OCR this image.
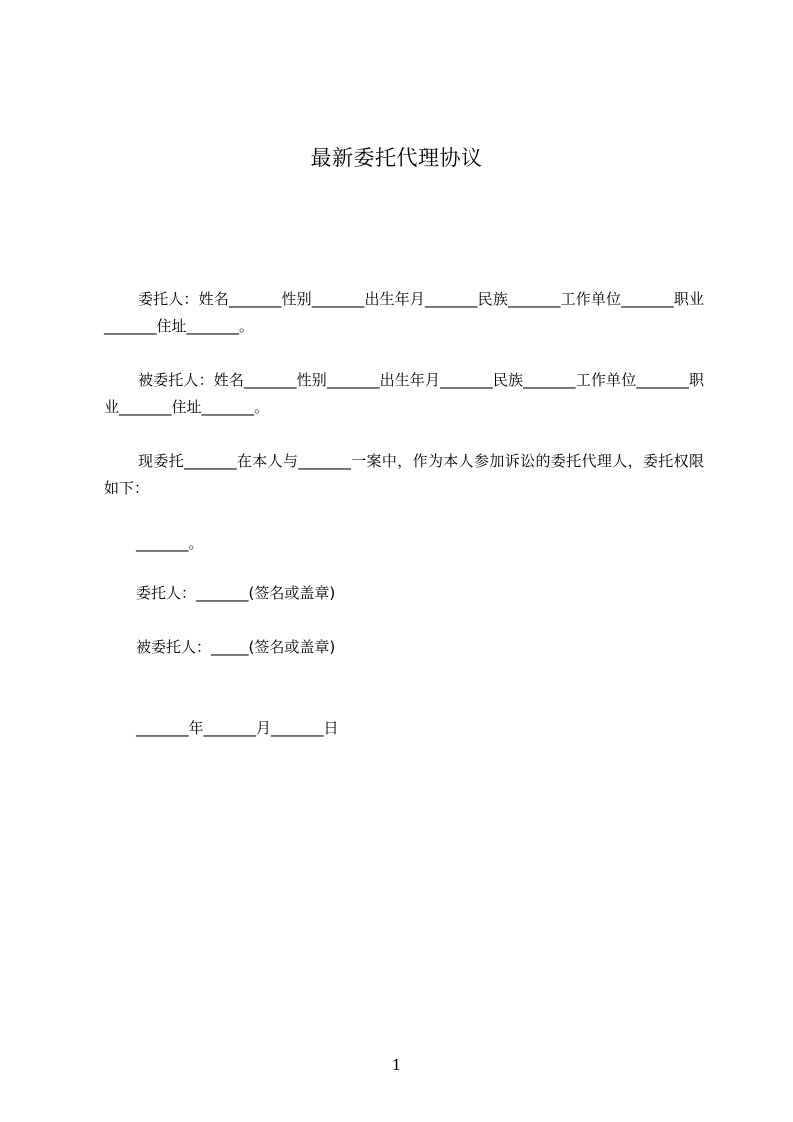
最新委托代理协议
委托人：姓名_______性别_______出生年月_______民族_______工作单位_______职业_______住址_______。
被委托人：姓名_______性别_______出生年月_______民族_______工作单位_______职业_______住址_______。
现委托_______在本人与_______一案中，作为本人参加诉讼的委托代理人，委托权限如下：
_______。
委托人：_______(签名或盖章)
被委托人：_____(签名或盖章)
_______年_______月_______日
1
